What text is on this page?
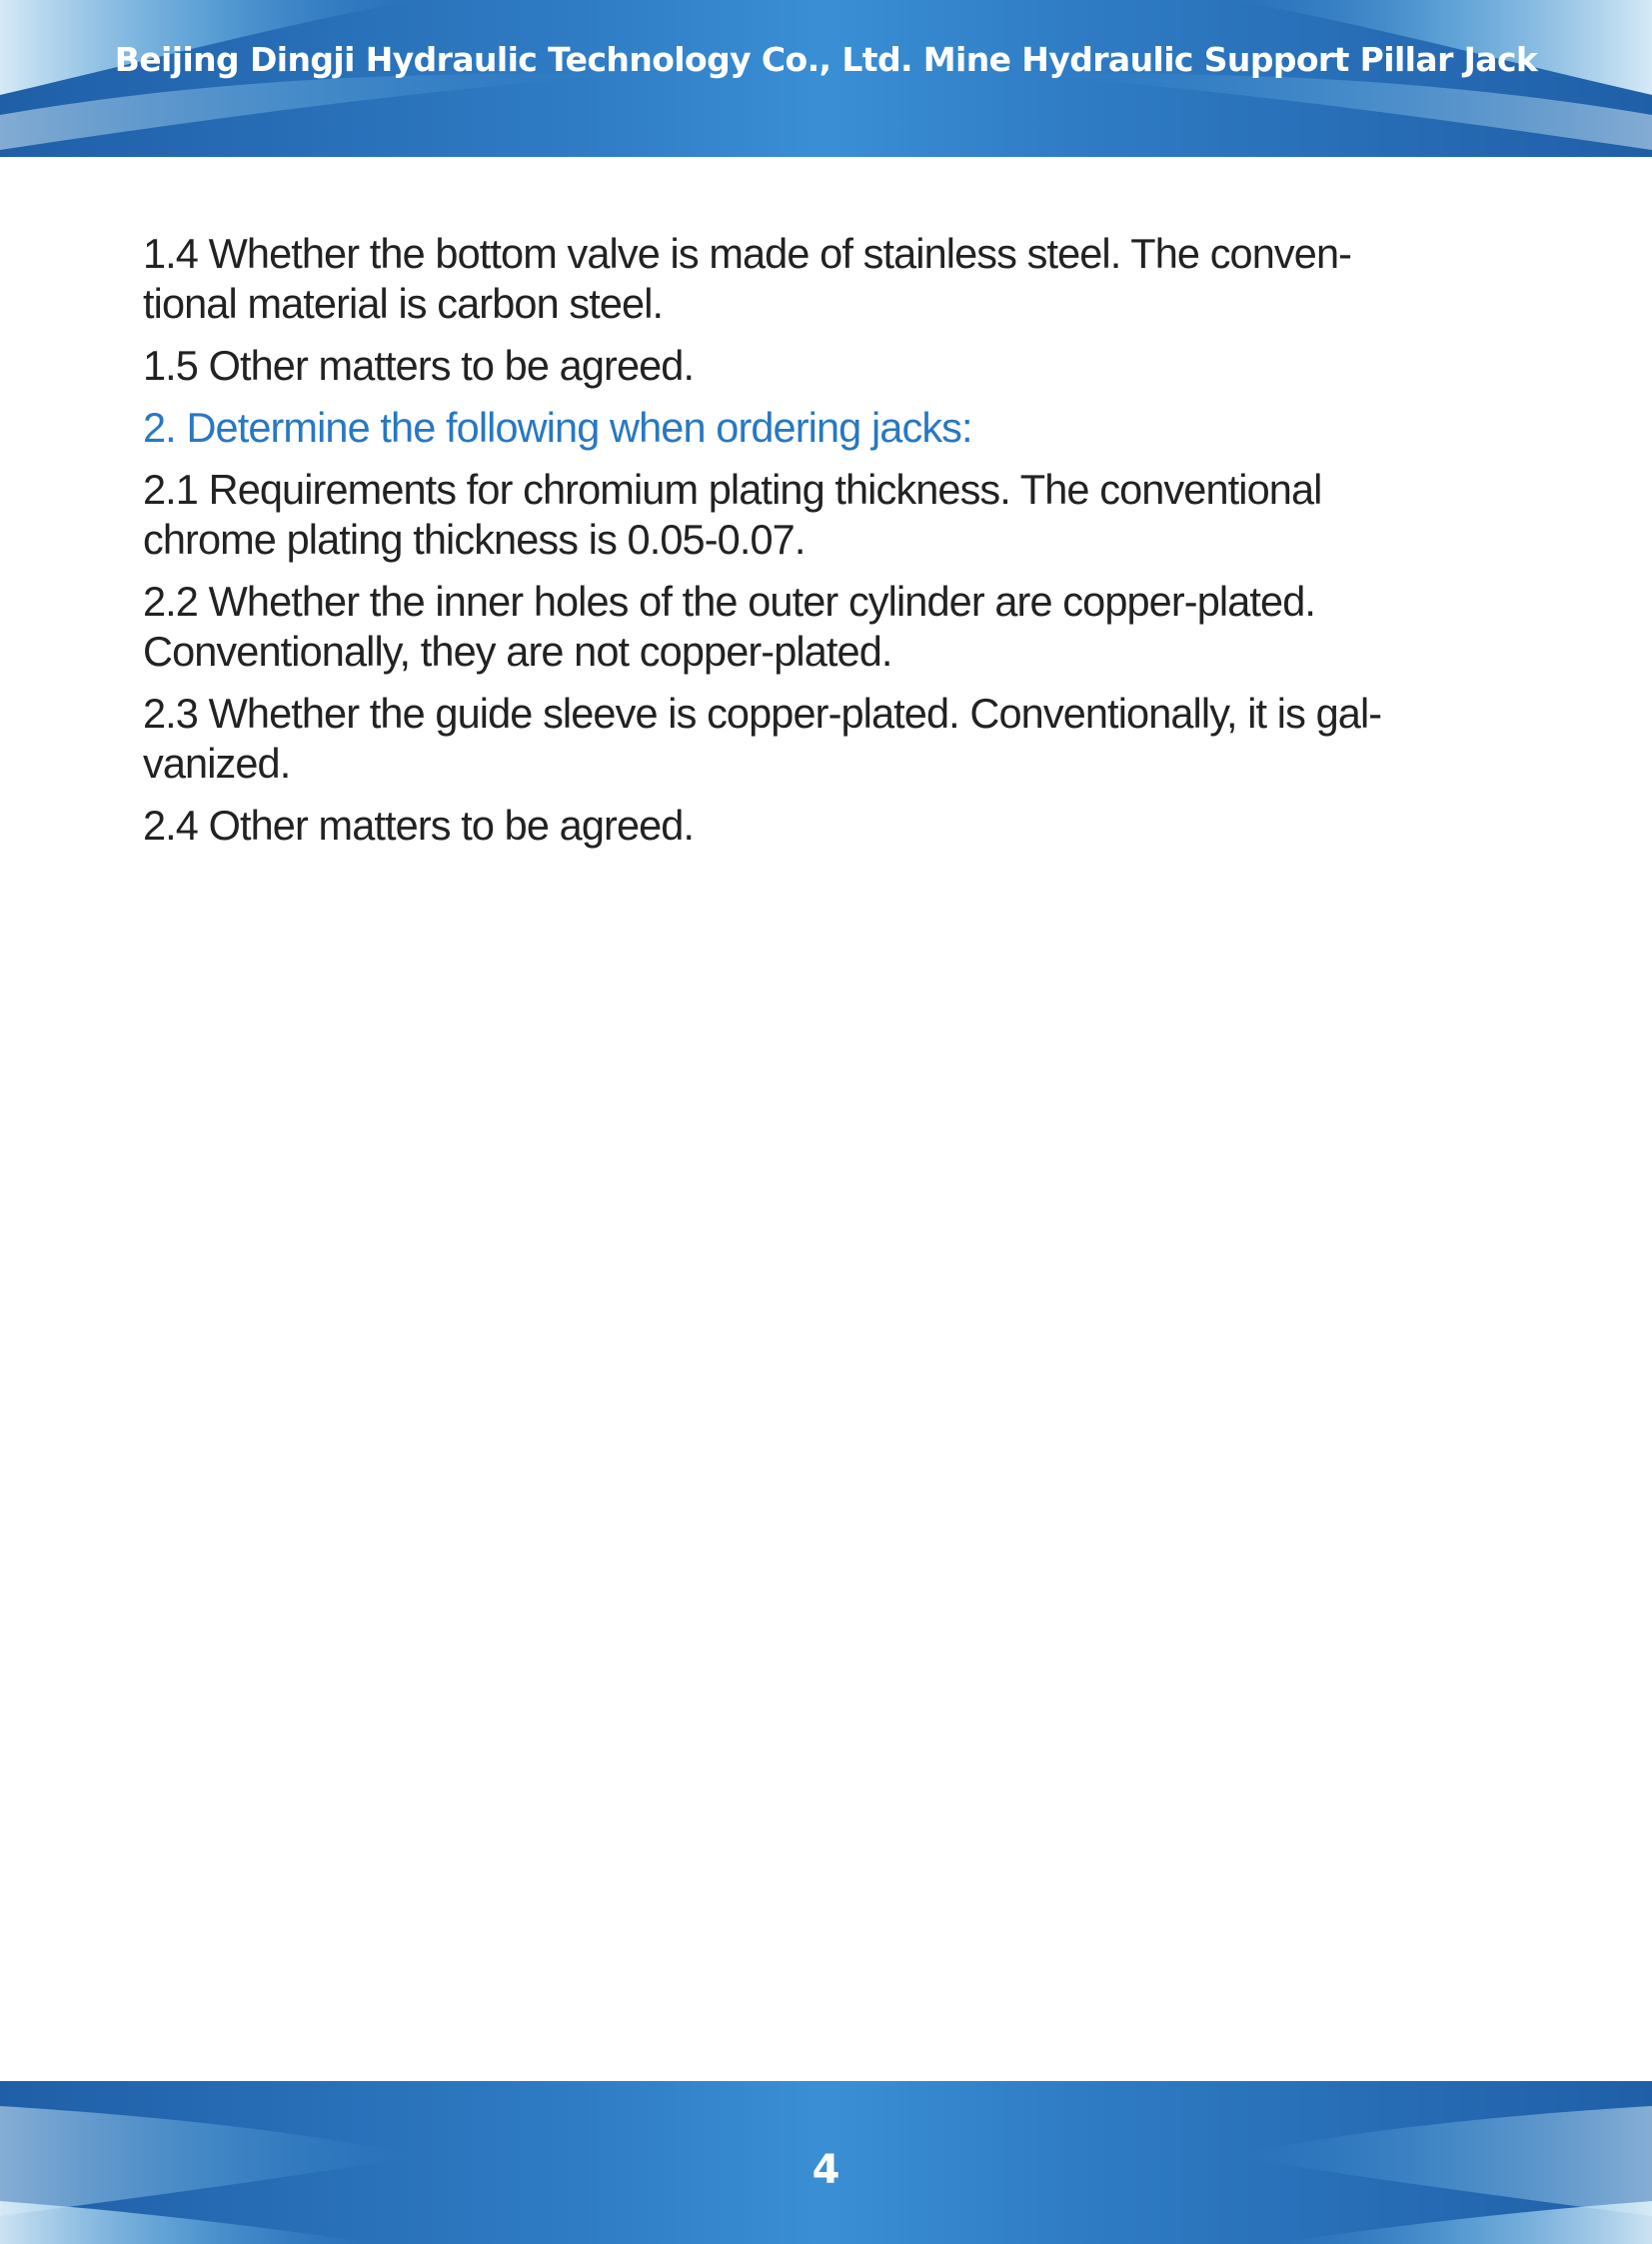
Beijing Dingji Hydraulic Technology Co., Ltd. Mine Hydraulic Support Pillar Jack

1.4 Whether the bottom valve is made of stainless steel. The conven-
tional material is carbon steel.

1.5 Other matters to be agreed.

2. Determine the following when ordering jacks:

2.1 Requirements for chromium plating thickness. The conventional
chrome plating thickness is 0.05-0.07.

2.2 Whether the inner holes of the outer cylinder are copper-plated.
Conventionally, they are not copper-plated.

2.3 Whether the guide sleeve is copper-plated. Conventionally, it is gal-
vanized.

2.4 Other matters to be agreed.

4
